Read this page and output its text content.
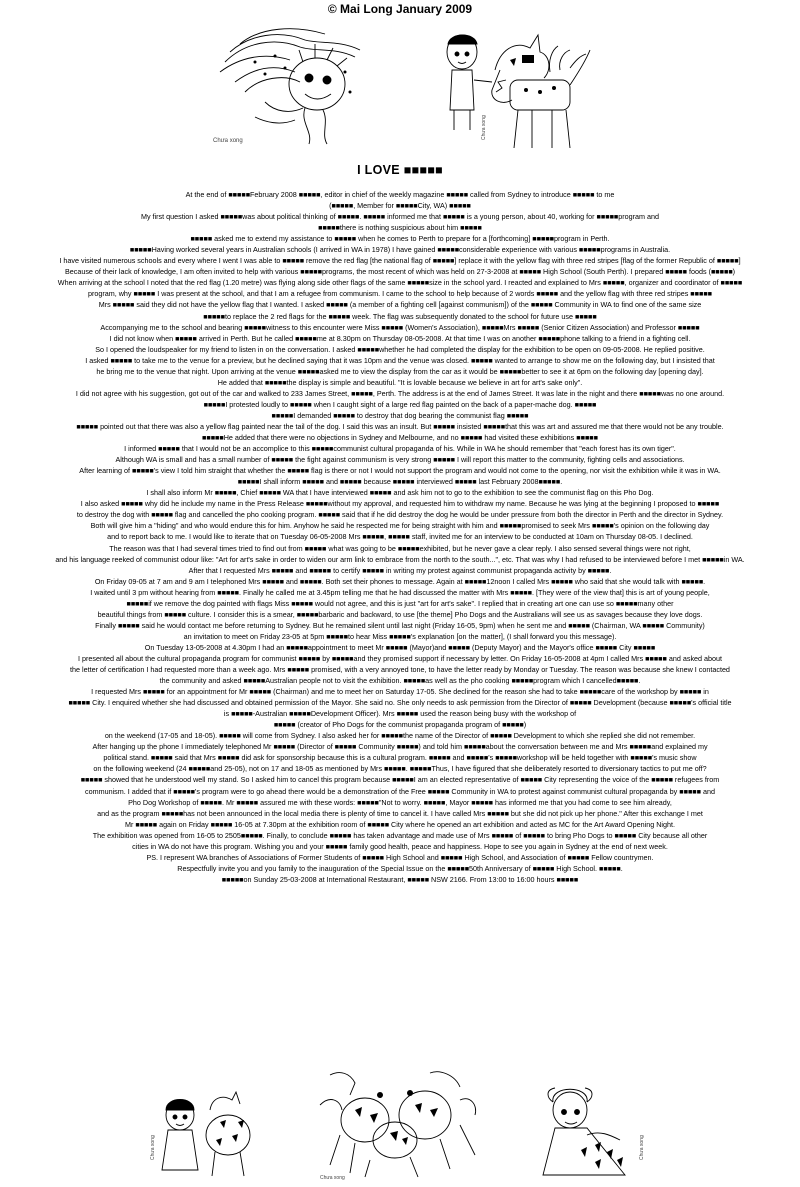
© Mai Long January 2009
Chưa xong
Chưa xong
I LOVE ■■■■■
At the end of ■■■■■February 2008 ■■■■■, editor in chief of the weekly magazine ■■■■■ called from Sydney to introduce ■■■■■ to me
(■■■■■, Member for ■■■■■City, WA) ■■■■■
My first question I asked ■■■■■was about political thinking of ■■■■■. ■■■■■ informed me that ■■■■■ is a young person, about 40, working for ■■■■■program and
■■■■■there is nothing suspicious about him ■■■■■
■■■■■ asked me to extend my assistance to ■■■■■ when he comes to Perth to prepare for a [forthcoming] ■■■■■program in Perth.
■■■■■Having worked several years in Australian schools (I arrived in WA in 1978) I have gained ■■■■■considerable experience with various ■■■■■programs in Australia.
I have visited numerous schools and every where I went I was able to ■■■■■ remove the red flag [the national flag of ■■■■■] replace it with the yellow flag with three red stripes [flag of the former Republic of ■■■■■]
Because of their lack of knowledge, I am often invited to help with various ■■■■■programs, the most recent of which was held on 27-3-2008 at ■■■■■ High School (South Perth). I prepared ■■■■■ foods (■■■■■)
When arriving at the school I noted that the red flag (1.20 metre) was flying along side other flags of the same ■■■■■size in the school yard. I reacted and explained to Mrs ■■■■■, organizer and coordinator of ■■■■■
program, why ■■■■■ I was present at the school, and that I am a refugee from communism. I came to the school to help because of 2 words ■■■■■ and the yellow flag with three red stripes ■■■■■
Mrs ■■■■■ said they did not have the yellow flag that I wanted. I asked ■■■■■ (a member of a fighting cell [against communism]) of the ■■■■■ Community in WA to find one of the same size
■■■■■to replace the 2 red flags for the ■■■■■ week. The flag was subsequently donated to the school for future use ■■■■■
Accompanying me to the school and bearing ■■■■■witness to this encounter were Miss ■■■■■ (Women's Association), ■■■■■Mrs ■■■■■ (Senior Citizen Association) and Professor ■■■■■
I did not know when ■■■■■ arrived in Perth. But he called ■■■■■me at 8.30pm on Thursday 08-05-2008. At that time I was on another ■■■■■phone talking to a friend in a fighting cell.
So I opened the loudspeaker for my friend to listen in on the conversation. I asked ■■■■■whether he had completed the display for the exhibition to be open on 09-05-2008. He replied positive.
I asked ■■■■■ to take me to the venue for a preview, but he declined saying that it was 10pm and the venue was closed. ■■■■■ wanted to arrange to show me on the following day, but I insisted that
he bring me to the venue that night. Upon arriving at the venue ■■■■■asked me to view the display from the car as it would be ■■■■■better to see it at 6pm on the following day [opening day].
He added that ■■■■■the display is simple and beautiful. "It is lovable because we believe in art for art's sake only".
I did not agree with his suggestion, got out of the car and walked to 233 James Street, ■■■■■, Perth. The address is at the end of James Street. It was late in the night and there ■■■■■was no one around.
■■■■■I protested loudly to ■■■■■ when I caught sight of a large red flag painted on the back of a paper-mache dog. ■■■■■
■■■■■I demanded ■■■■■ to destroy that dog bearing the communist flag ■■■■■
■■■■■ pointed out that there was also a yellow flag painted near the tail of the dog. I said this was an insult. But ■■■■■ insisted ■■■■■that this was art and assured me that there would not be any trouble.
■■■■■He added that there were no objections in Sydney and Melbourne, and no ■■■■■ had visited these exhibitions ■■■■■
I informed ■■■■■ that I would not be an accomplice to this ■■■■■communist cultural propaganda of his. While in WA he should remember that "each forest has its own tiger".
Although WA is small and has a small number of ■■■■■ the fight against communism is very strong ■■■■■ I will report this matter to the community, fighting cells and associations.
After learning of ■■■■■'s view I told him straight that whether the ■■■■■ flag is there or not I would not support the program and would not come to the opening, nor visit the exhibition while it was in WA.
■■■■■I shall inform ■■■■■ and ■■■■■ because ■■■■■ interviewed ■■■■■ last February 2008■■■■■.
I shall also inform Mr ■■■■■, Chief ■■■■■ WA that I have interviewed ■■■■■ and ask him not to go to the exhibition to see the communist flag on this Pho Dog.
I also asked ■■■■■ why did he include my name in the Press Release ■■■■■without my approval, and requested him to withdraw my name. Because he was lying at the beginning I proposed to ■■■■■
to destroy the dog with ■■■■■ flag and cancelled the pho cooking program. ■■■■■ said that if he did destroy the dog he would be under pressure from both the director in Perth and the director in Sydney.
Both will give him a "hiding" and who would endure this for him. Anyhow he said he respected me for being straight with him and ■■■■■promised to seek Mrs ■■■■■'s opinion on the following day
and to report back to me. I would like to iterate that on Tuesday 06-05-2008 Mrs ■■■■■, ■■■■■ staff, invited me for an interview to be conducted at 10am on Thursday 08-05. I declined.
The reason was that I had several times tried to find out from ■■■■■ what was going to be ■■■■■exhibited, but he never gave a clear reply. I also sensed several things were not right,
and his language reeked of communist odour like: "Art for art's sake in order to widen our arm link to embrace from the north to the south...", etc. That was why I had refused to be interviewed before I met ■■■■■in WA.
After that I requested Mrs ■■■■■ and ■■■■■ to certify ■■■■■ in writing my protest against communist propaganda activity by ■■■■■.
On Friday 09-05 at 7 am and 9 am I telephoned Mrs ■■■■■ and ■■■■■. Both set their phones to message. Again at ■■■■■12noon I called Mrs ■■■■■ who said that she would talk with ■■■■■.
I waited until 3 pm without hearing from ■■■■■. Finally he called me at 3.45pm telling me that he had discussed the matter with Mrs ■■■■■. [They were of the view that] this is art of young people,
■■■■■if we remove the dog painted with flags Miss ■■■■■ would not agree, and this is just "art for art's sake". I replied that in creating art one can use so ■■■■■many other
beautiful things from ■■■■■ culture. I consider this is a smear, ■■■■■barbaric and backward, to use [the theme] Pho Dogs and the Australians will see us as savages because they love dogs.
Finally ■■■■■ said he would contact me before returning to Sydney. But he remained silent until last night (Friday 16-05, 9pm) when he sent me and ■■■■■ (Chairman, WA ■■■■■ Community)
an invitation to meet on Friday 23-05 at 5pm ■■■■■to hear Miss ■■■■■'s explanation [on the matter], (I shall forward you this message).
On Tuesday 13-05-2008 at 4.30pm I had an ■■■■■appointment to meet Mr ■■■■■ (Mayor)and ■■■■■ (Deputy Mayor) and the Mayor's office ■■■■■ City ■■■■■
I presented all about the cultural propaganda program for communist ■■■■■ by ■■■■■and they promised support if necessary by letter. On Friday 16-05-2008 at 4pm I called Mrs ■■■■■ and asked about
the letter of certification I had requested more than a week ago. Mrs ■■■■■ promised, with a very annoyed tone, to have the letter ready by Monday or Tuesday. The reason was because she knew I contacted
the community and asked ■■■■■Australian people not to visit the exhibition. ■■■■■as well as the pho cooking ■■■■■program which I cancelled■■■■■.
I requested Mrs ■■■■■ for an appointment for Mr ■■■■■ (Chairman) and me to meet her on Saturday 17-05. She declined for the reason she had to take ■■■■■care of the workshop by ■■■■■ in
■■■■■ City. I enquired whether she had discussed and obtained permission of the Mayor. She said no. She only needs to ask permission from the Director of ■■■■■ Development (because ■■■■■'s official title
is ■■■■■-Australian ■■■■■Development Officer). Mrs ■■■■■ used the reason being busy with the workshop of
■■■■■ (creator of Pho Dogs for the communist propaganda program of ■■■■■)
on the weekend (17-05 and 18-05). ■■■■■ will come from Sydney. I also asked her for ■■■■■the name of the Director of ■■■■■ Development to which she replied she did not remember.
After hanging up the phone I immediately telephoned Mr ■■■■■ (Director of ■■■■■ Community ■■■■■) and told him ■■■■■about the conversation between me and Mrs ■■■■■and explained my
political stand. ■■■■■ said that Mrs ■■■■■ did ask for sponsorship because this is a cultural program. ■■■■■ and ■■■■■'s ■■■■■workshop will be held together with ■■■■■'s music show
on the following weekend (24 ■■■■■and 25-05), not on 17 and 18-05 as mentioned by Mrs ■■■■■. ■■■■■Thus, I have figured that she deliberately resorted to diversionary tactics to put me off?
■■■■■ showed that he understood well my stand. So I asked him to cancel this program because ■■■■■I am an elected representative of ■■■■■ City representing the voice of the ■■■■■ refugees from
communism. I added that if ■■■■■'s program were to go ahead there would be a demonstration of the Free ■■■■■ Community in WA to protest against communist cultural propaganda by ■■■■■ and
Pho Dog Workshop of ■■■■■. Mr ■■■■■ assured me with these words: ■■■■■"Not to worry. ■■■■■, Mayor ■■■■■ has informed me that you had come to see him already,
and as the program ■■■■■has not been announced in the local media there is plenty of time to cancel it. I have called Mrs ■■■■■ but she did not pick up her phone." After this exchange I met
Mr ■■■■■ again on Friday ■■■■■ 16-05 at 7.30pm at the exhibition room of ■■■■■ City where he opened an art exhibition and acted as MC for the Art Award Opening Night.
The exhibition was opened from 16-05 to 2505■■■■■. Finally, to conclude ■■■■■ has taken advantage and made use of Mrs ■■■■■ of ■■■■■ to bring Pho Dogs to ■■■■■ City because all other
cities in WA do not have this program. Wishing you and your ■■■■■ family good health, peace and happiness. Hope to see you again in Sydney at the end of next week.
PS. I represent WA branches of Associations of Former Students of ■■■■■ High School and ■■■■■ High School, and Association of ■■■■■ Fellow countrymen.
Respectfully invite you and you family to the inauguration of the Special Issue on the ■■■■■50th Anniversary of ■■■■■ High School. ■■■■■.
■■■■■on Sunday 25-03-2008 at International Restaurant, ■■■■■ NSW 2166. From 13:00 to 16:00 hours ■■■■■
Chưa xong
Chưa xong
Chưa xong
